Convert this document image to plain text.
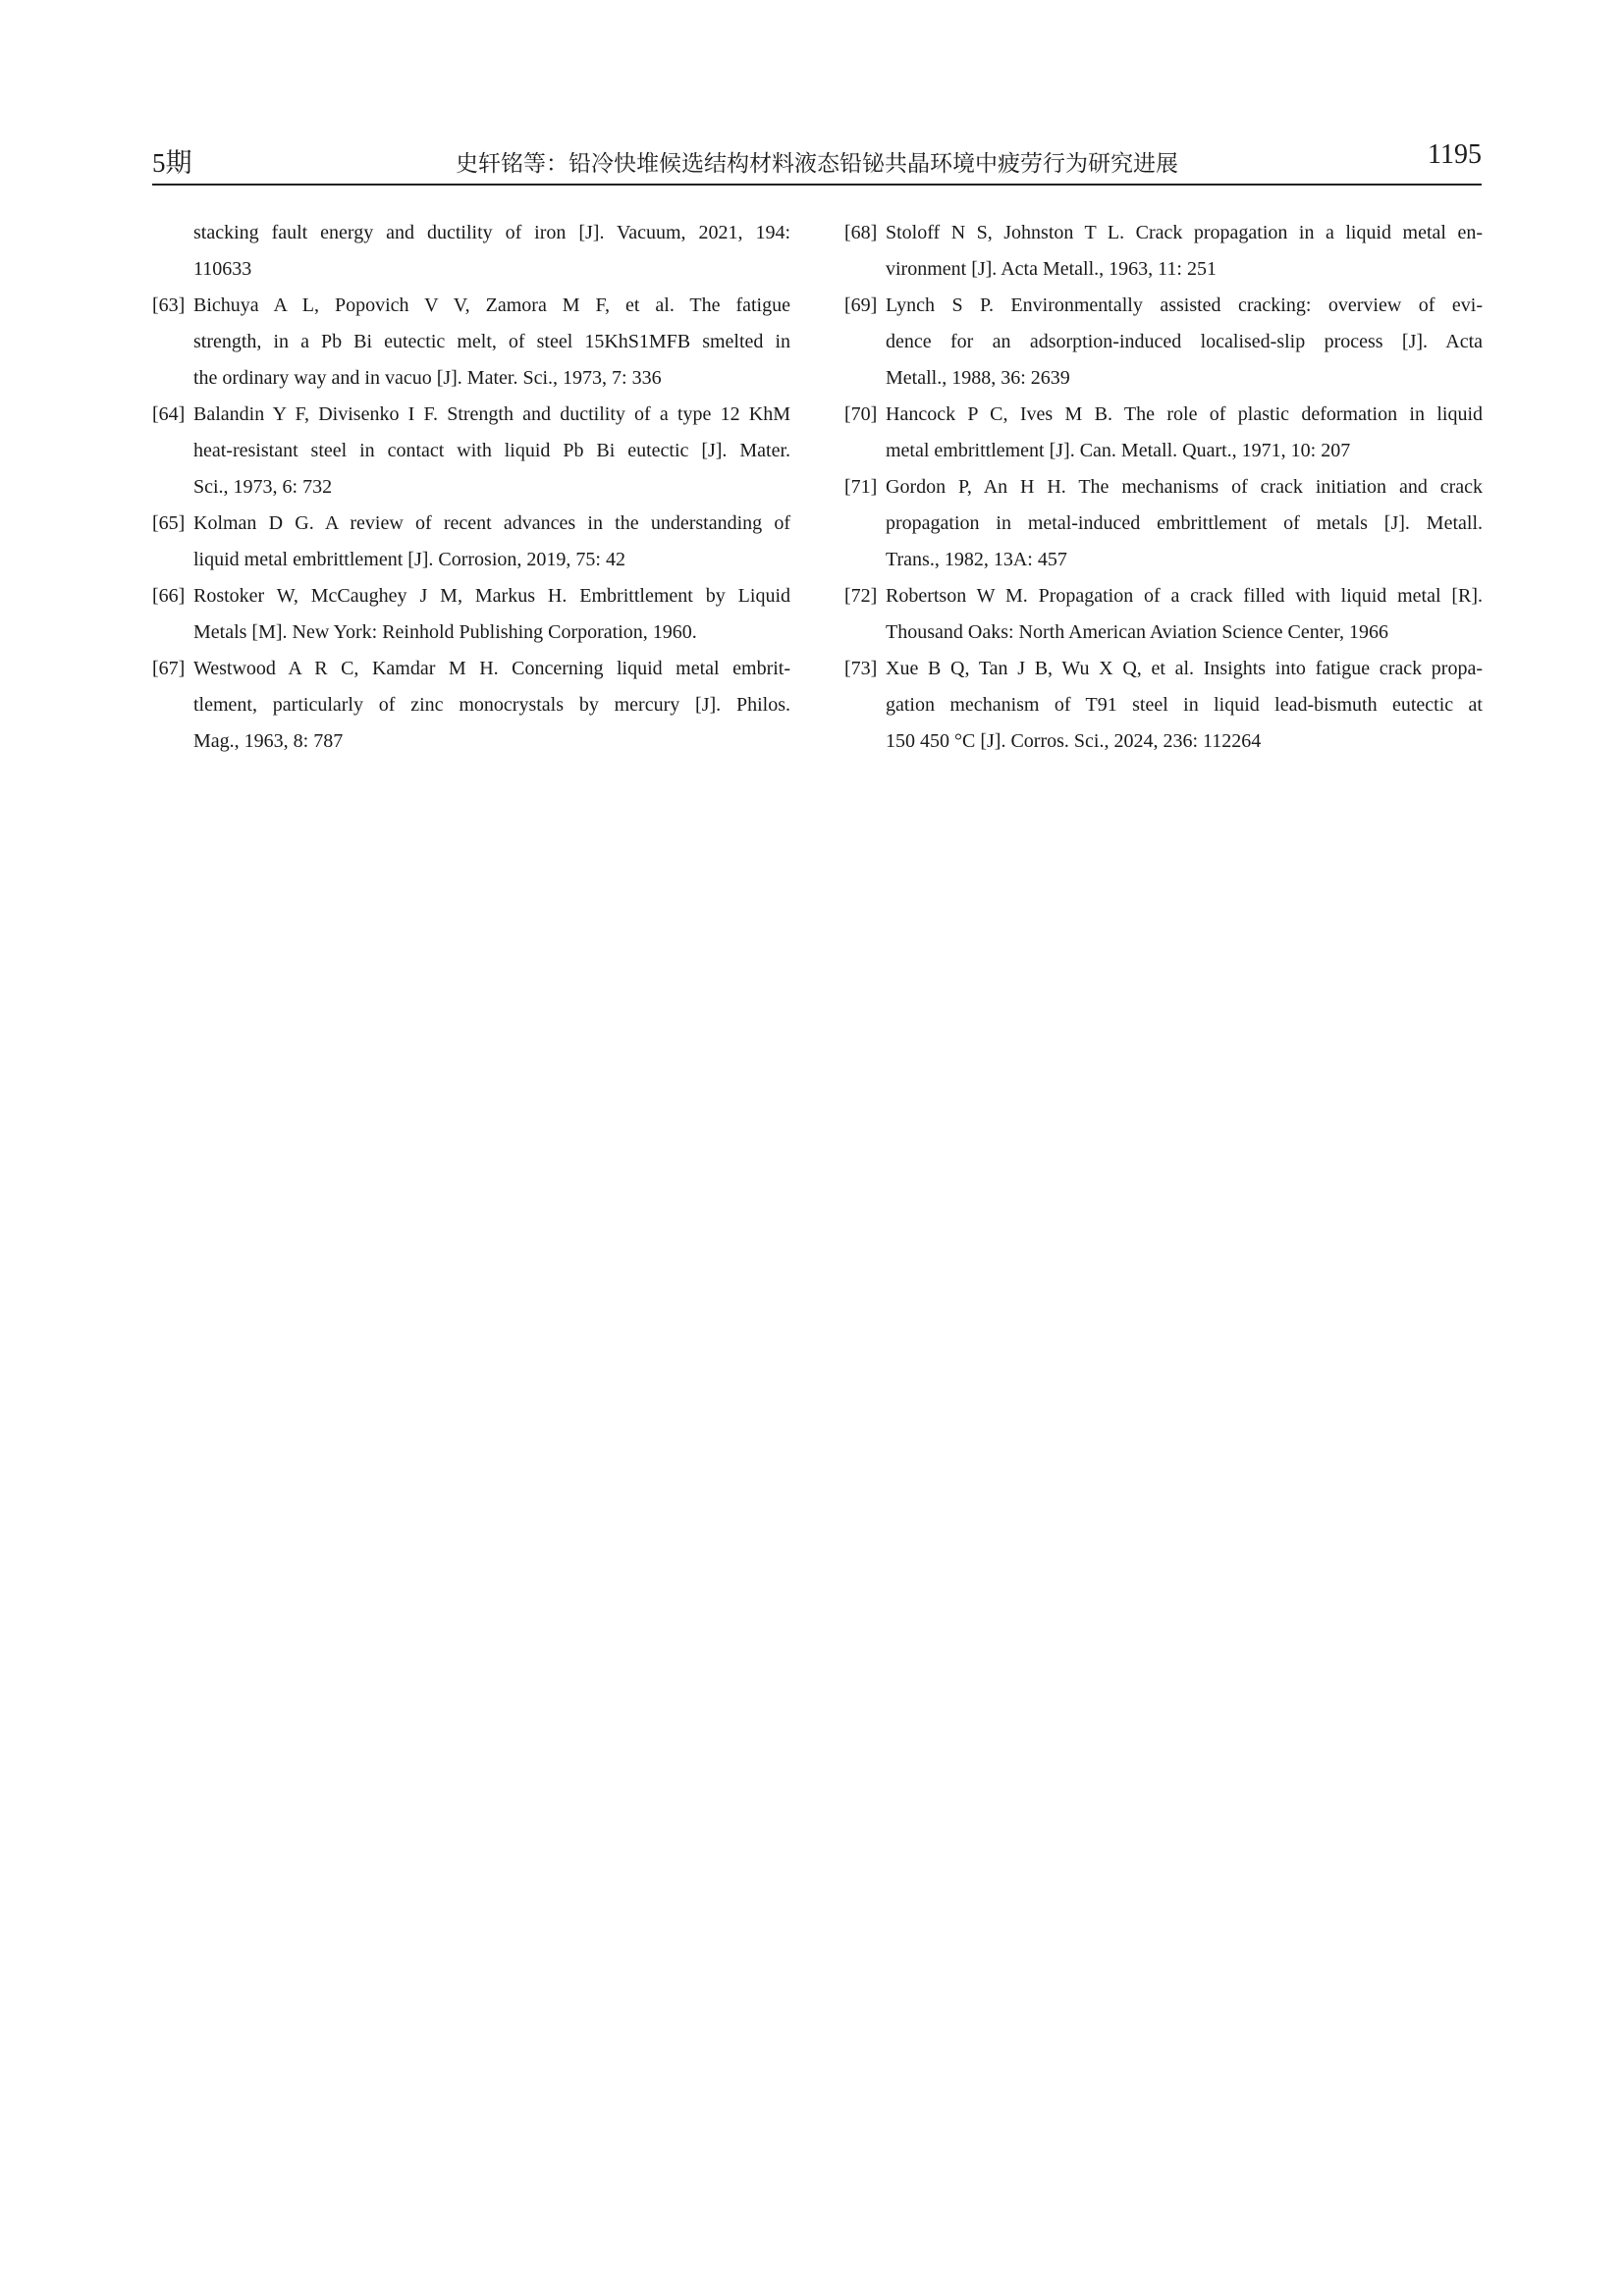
5期	史轩铭等：铅冷快堆候选结构材料液态铅铋共晶环境中疲劳行为研究进展	1195
stacking fault energy and ductility of iron [J]. Vacuum, 2021, 194:
110633
[63] Bichuya A L, Popovich V V, Zamora M F, et al. The fatigue
strength, in a Pb Bi eutectic melt, of steel 15KhS1MFB smelted in
the ordinary way and in vacuo [J]. Mater. Sci., 1973, 7: 336
[64] Balandin Y F, Divisenko I F. Strength and ductility of a type 12 KhM
heat-resistant steel in contact with liquid Pb Bi eutectic [J]. Mater.
Sci., 1973, 6: 732
[65] Kolman D G. A review of recent advances in the understanding of
liquid metal embrittlement [J]. Corrosion, 2019, 75: 42
[66] Rostoker W, McCaughey J M, Markus H. Embrittlement by Liquid
Metals [M]. New York: Reinhold Publishing Corporation, 1960.
[67] Westwood A R C, Kamdar M H. Concerning liquid metal embrit-
tlement, particularly of zinc monocrystals by mercury [J]. Philos.
Mag., 1963, 8: 787
[68] Stoloff N S, Johnston T L. Crack propagation in a liquid metal en-
vironment [J]. Acta Metall., 1963, 11: 251
[69] Lynch S P. Environmentally assisted cracking: overview of evi-
dence for an adsorption-induced localised-slip process [J]. Acta
Metall., 1988, 36: 2639
[70] Hancock P C, Ives M B. The role of plastic deformation in liquid
metal embrittlement [J]. Can. Metall. Quart., 1971, 10: 207
[71] Gordon P, An H H. The mechanisms of crack initiation and crack
propagation in metal-induced embrittlement of metals [J]. Metall.
Trans., 1982, 13A: 457
[72] Robertson W M. Propagation of a crack filled with liquid metal [R].
Thousand Oaks: North American Aviation Science Center, 1966
[73] Xue B Q, Tan J B, Wu X Q, et al. Insights into fatigue crack propa-
gation mechanism of T91 steel in liquid lead-bismuth eutectic at
150 450 °C [J]. Corros. Sci., 2024, 236: 112264
